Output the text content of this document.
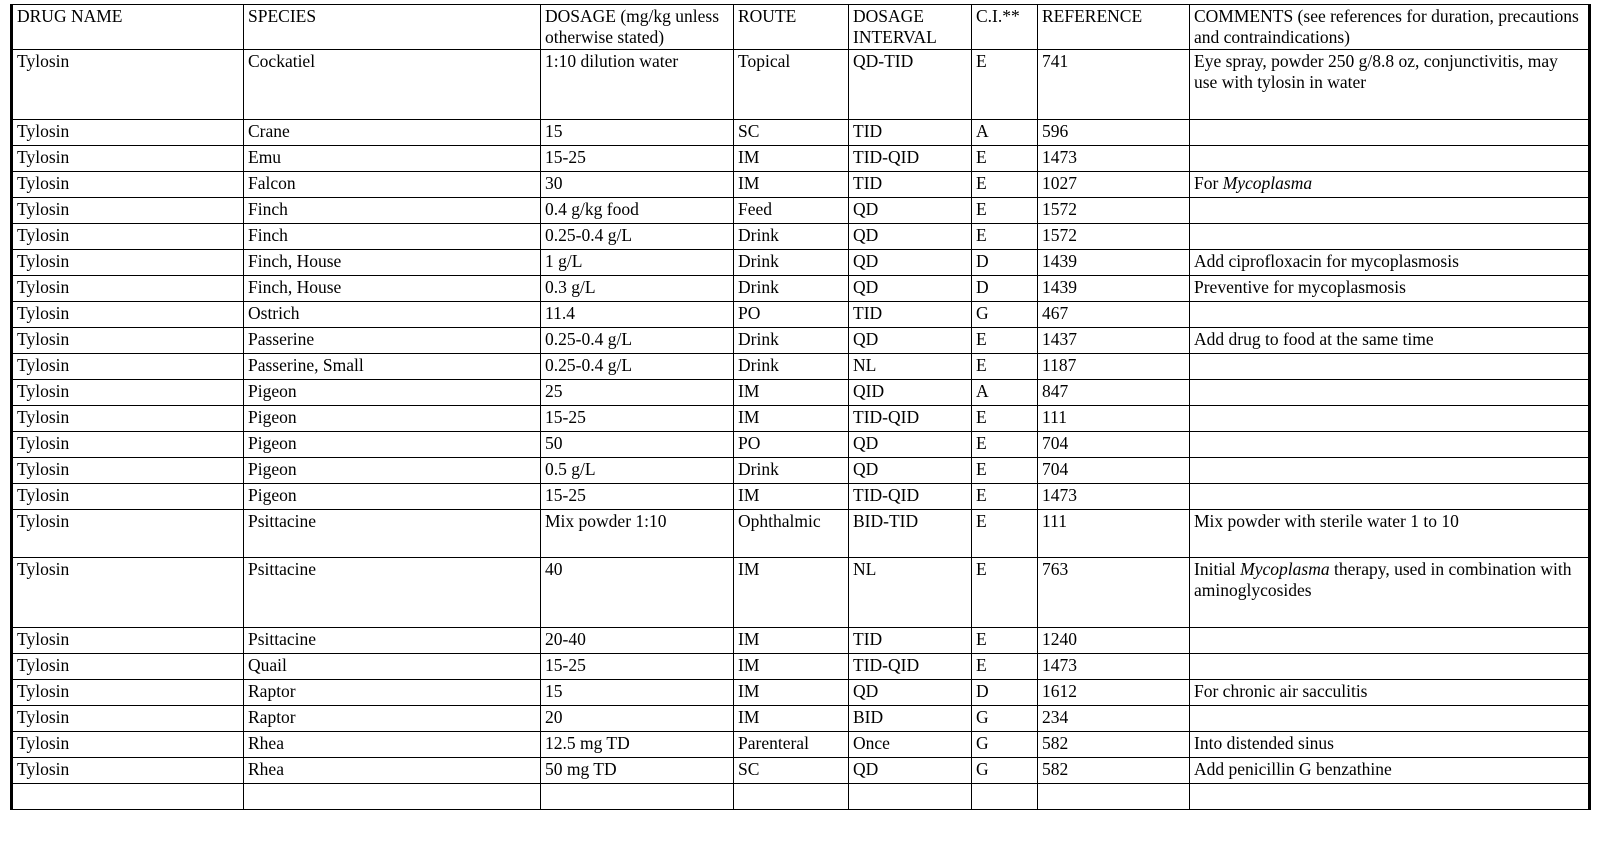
DRUG NAME	SPECIES	DOSAGE (mg/kg unless otherwise stated)	ROUTE	DOSAGE INTERVAL	C.I.**	REFERENCE	COMMENTS (see references for duration, precautions and contraindications)
Tylosin	Cockatiel	1:10 dilution water	Topical	QD-TID	E	741	Eye spray, powder 250 g/8.8 oz, conjunctivitis, may use with tylosin in water
Tylosin	Crane	15	SC	TID	A	596	
Tylosin	Emu	15-25	IM	TID-QID	E	1473	
Tylosin	Falcon	30	IM	TID	E	1027	For Mycoplasma
Tylosin	Finch	0.4 g/kg food	Feed	QD	E	1572	
Tylosin	Finch	0.25-0.4 g/L	Drink	QD	E	1572	
Tylosin	Finch, House	1 g/L	Drink	QD	D	1439	Add ciprofloxacin for mycoplasmosis
Tylosin	Finch, House	0.3 g/L	Drink	QD	D	1439	Preventive for mycoplasmosis
Tylosin	Ostrich	11.4	PO	TID	G	467	
Tylosin	Passerine	0.25-0.4 g/L	Drink	QD	E	1437	Add drug to food at the same time
Tylosin	Passerine, Small	0.25-0.4 g/L	Drink	NL	E	1187	
Tylosin	Pigeon	25	IM	QID	A	847	
Tylosin	Pigeon	15-25	IM	TID-QID	E	111	
Tylosin	Pigeon	50	PO	QD	E	704	
Tylosin	Pigeon	0.5 g/L	Drink	QD	E	704	
Tylosin	Pigeon	15-25	IM	TID-QID	E	1473	
Tylosin	Psittacine	Mix powder 1:10	Ophthalmic	BID-TID	E	111	Mix powder with sterile water 1 to 10
Tylosin	Psittacine	40	IM	NL	E	763	Initial Mycoplasma therapy, used in combination with aminoglycosides
Tylosin	Psittacine	20-40	IM	TID	E	1240	
Tylosin	Quail	15-25	IM	TID-QID	E	1473	
Tylosin	Raptor	15	IM	QD	D	1612	For chronic air sacculitis
Tylosin	Raptor	20	IM	BID	G	234	
Tylosin	Rhea	12.5 mg TD	Parenteral	Once	G	582	Into distended sinus
Tylosin	Rhea	50 mg TD	SC	QD	G	582	Add penicillin G benzathine
